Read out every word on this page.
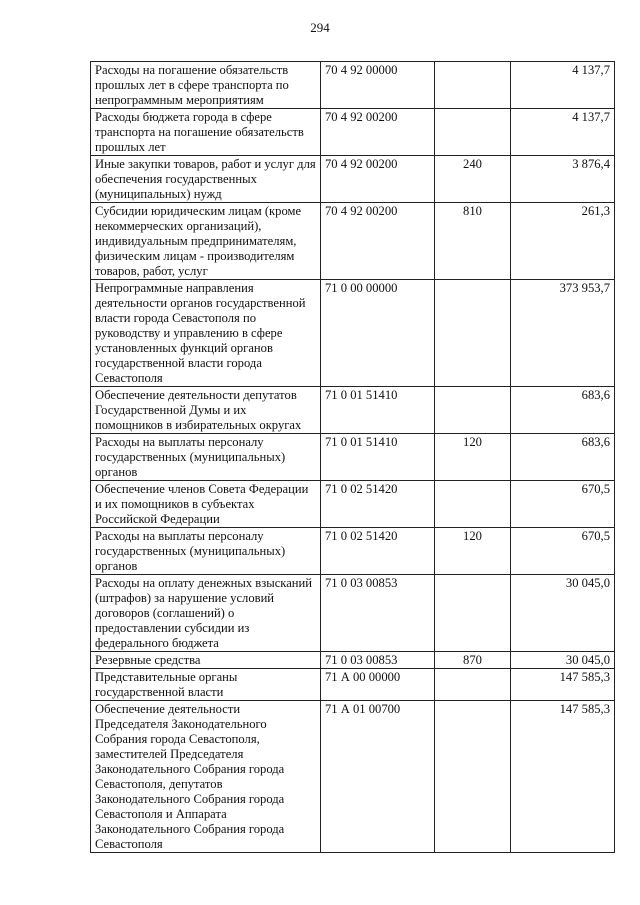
294
Расходы на погашение обязательств прошлых лет в сфере транспорта по непрограммным мероприятиям	70 4 92 00000		4 137,7
Расходы бюджета города в сфере транспорта на погашение обязательств прошлых лет	70 4 92 00200		4 137,7
Иные закупки товаров, работ и услуг для обеспечения государственных (муниципальных) нужд	70 4 92 00200	240	3 876,4
Субсидии юридическим лицам (кроме некоммерческих организаций), индивидуальным предпринимателям, физическим лицам - производителям товаров, работ, услуг	70 4 92 00200	810	261,3
Непрограммные направления деятельности органов государственной власти города Севастополя по руководству и управлению в сфере установленных функций органов государственной власти города Севастополя	71 0 00 00000		373 953,7
Обеспечение деятельности депутатов Государственной Думы и их помощников в избирательных округах	71 0 01 51410		683,6
Расходы на выплаты персоналу государственных (муниципальных) органов	71 0 01 51410	120	683,6
Обеспечение членов Совета Федерации и их помощников в субъектах Российской Федерации	71 0 02 51420		670,5
Расходы на выплаты персоналу государственных (муниципальных) органов	71 0 02 51420	120	670,5
Расходы на оплату денежных взысканий (штрафов) за нарушение условий договоров (соглашений) о предоставлении субсидии из федерального бюджета	71 0 03 00853		30 045,0
Резервные средства	71 0 03 00853	870	30 045,0
Представительные органы государственной власти	71 А 00 00000		147 585,3
Обеспечение деятельности Председателя Законодательного Собрания города Севастополя, заместителей Председателя Законодательного Собрания города Севастополя, депутатов Законодательного Собрания города Севастополя и Аппарата Законодательного Собрания города Севастополя	71 А 01 00700		147 585,3
